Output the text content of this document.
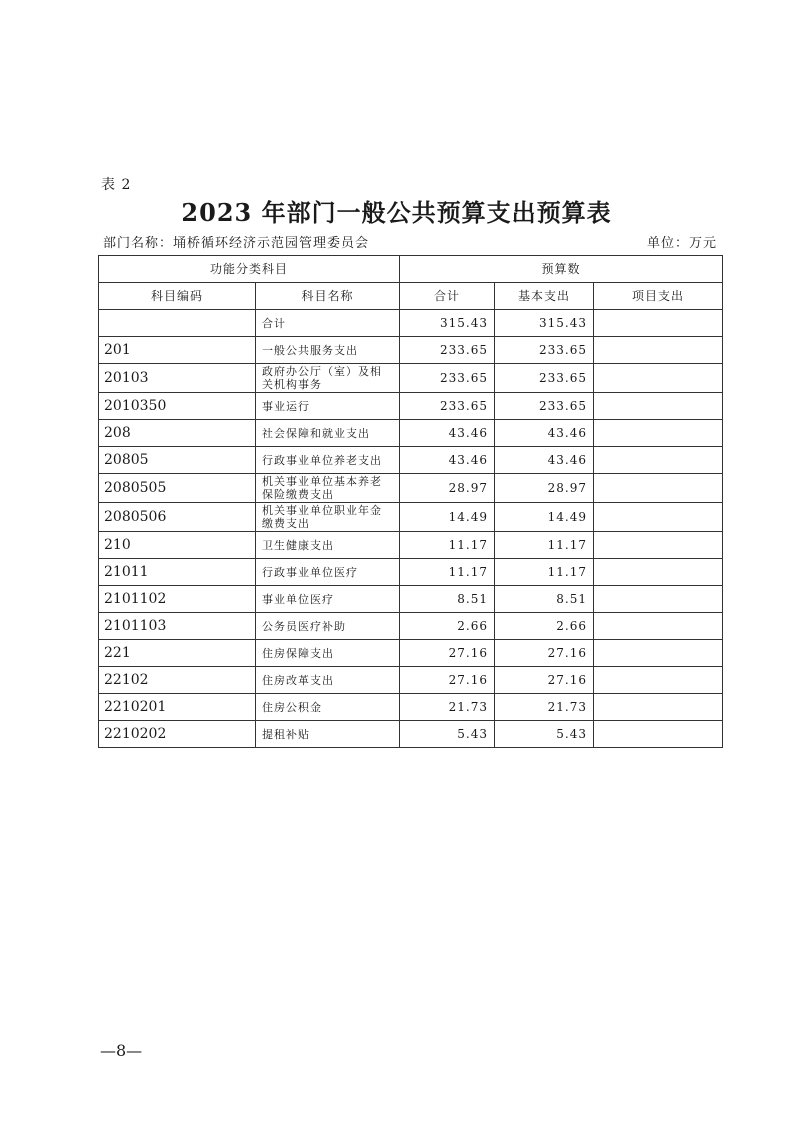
表 2
2023 年部门一般公共预算支出预算表
部门名称：埇桥循环经济示范园管理委员会	单位：万元
功能分类科目		预算数		
科目编码	科目名称	合计	基本支出	项目支出
	合计	315.43	315.43	
201	一般公共服务支出	233.65	233.65	
20103	政府办公厅（室）及相关机构事务	233.65	233.65	
2010350	事业运行	233.65	233.65	
208	社会保障和就业支出	43.46	43.46	
20805	行政事业单位养老支出	43.46	43.46	
2080505	机关事业单位基本养老保险缴费支出	28.97	28.97	
2080506	机关事业单位职业年金缴费支出	14.49	14.49	
210	卫生健康支出	11.17	11.17	
21011	行政事业单位医疗	11.17	11.17	
2101102	事业单位医疗	8.51	8.51	
2101103	公务员医疗补助	2.66	2.66	
221	住房保障支出	27.16	27.16	
22102	住房改革支出	27.16	27.16	
2210201	住房公积金	21.73	21.73	
2210202	提租补贴	5.43	5.43	
—8—
